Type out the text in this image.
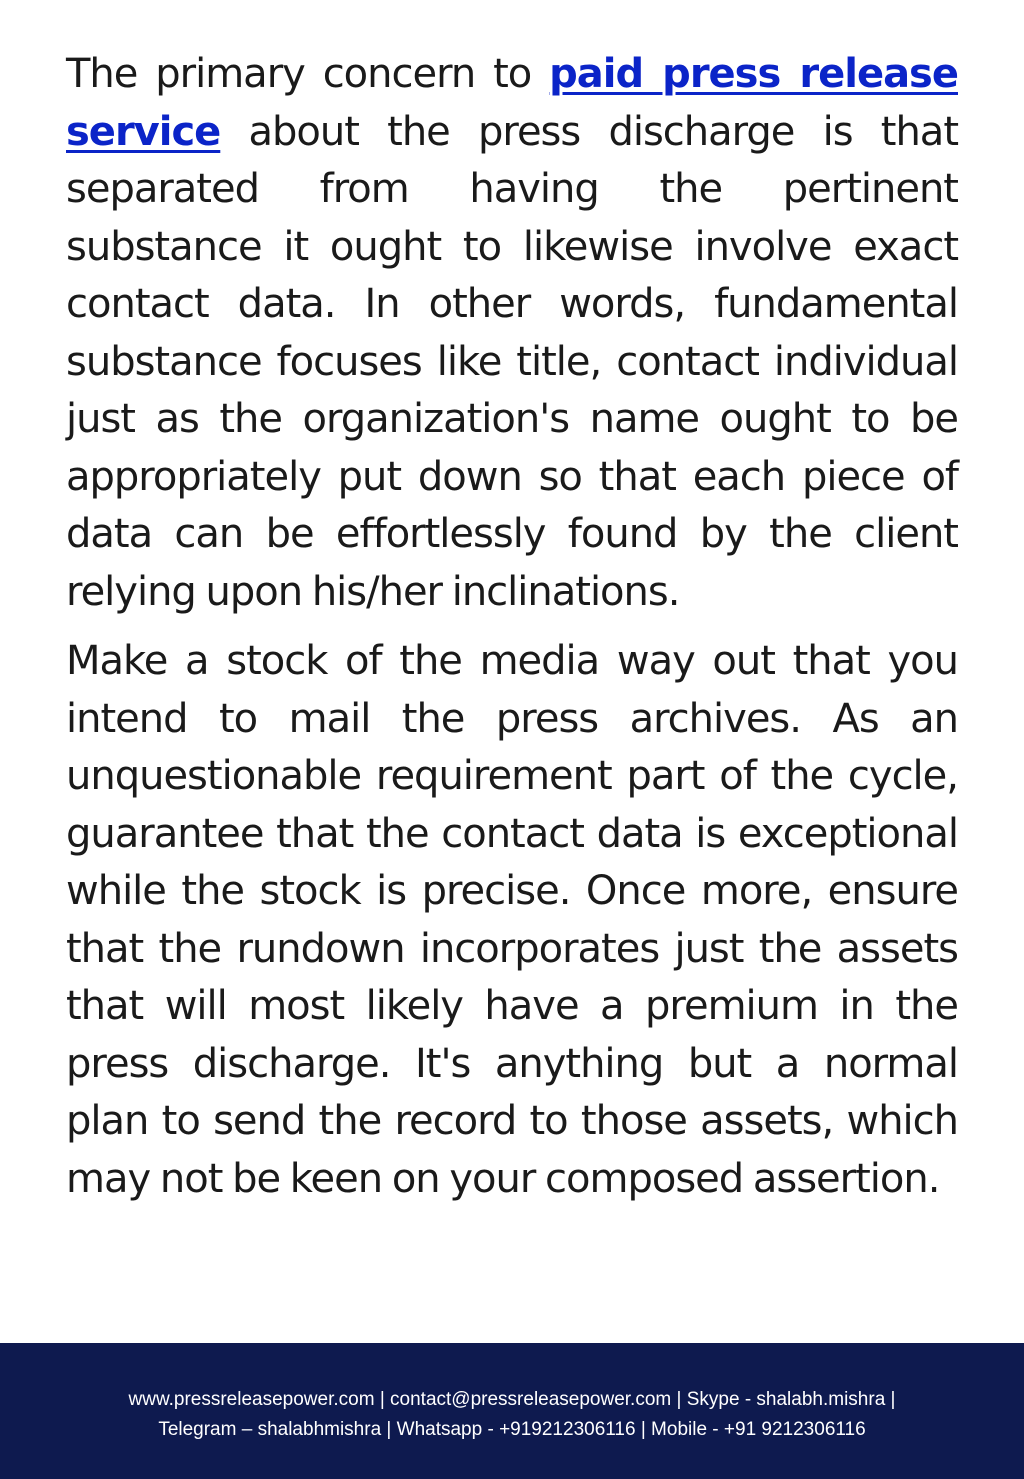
The primary concern to paid press release service about the press discharge is that separated from having the pertinent substance it ought to likewise involve exact contact data. In other words, fundamental substance focuses like title, contact individual just as the organization's name ought to be appropriately put down so that each piece of data can be effortlessly found by the client relying upon his/her inclinations.

Make a stock of the media way out that you intend to mail the press archives. As an unquestionable requirement part of the cycle, guarantee that the contact data is exceptional while the stock is precise. Once more, ensure that the rundown incorporates just the assets that will most likely have a premium in the press discharge. It's anything but a normal plan to send the record to those assets, which may not be keen on your composed assertion.

www.pressreleasepower.com | contact@pressreleasepower.com | Skype - shalabh.mishra |
Telegram – shalabhmishra | Whatsapp - +919212306116 | Mobile - +91 9212306116
